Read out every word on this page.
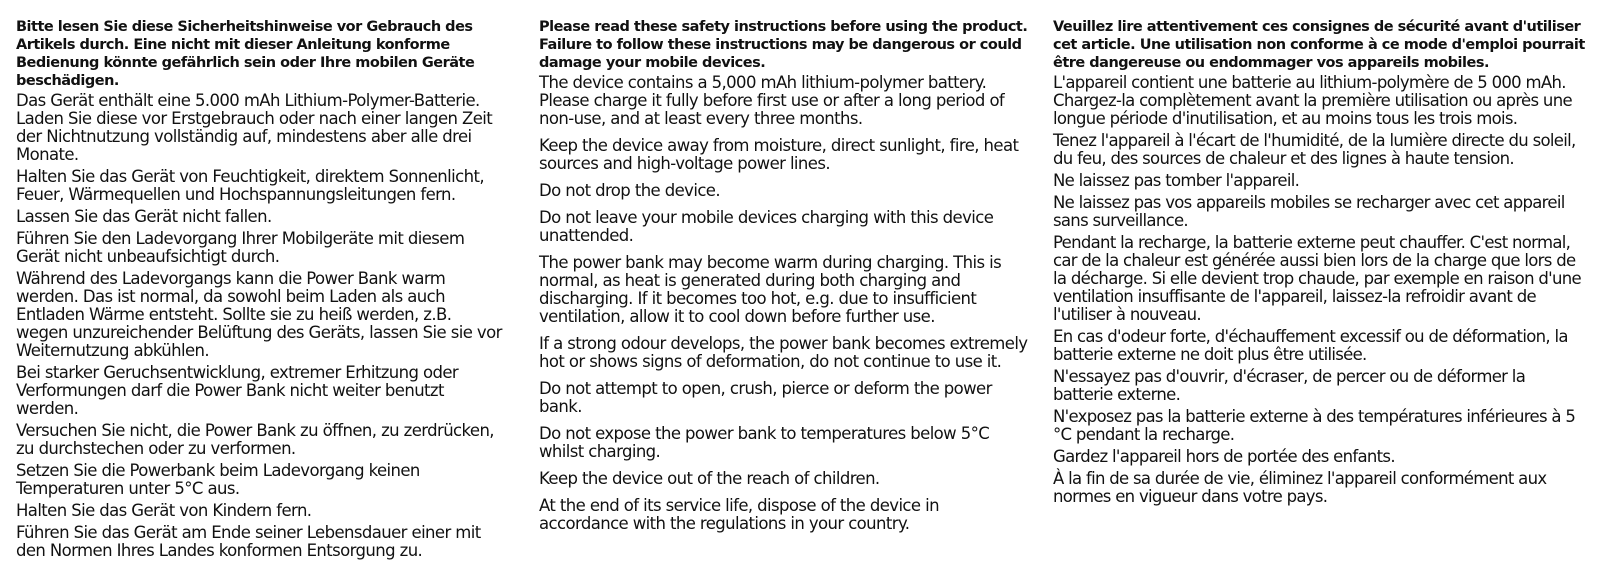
Bitte lesen Sie diese Sicherheitshinweise vor Gebrauch des Artikels durch. Eine nicht mit dieser Anleitung konforme Bedienung könnte gefährlich sein oder Ihre mobilen Geräte beschädigen.

Das Gerät enthält eine 5.000 mAh Lithium-Polymer-Batterie. Laden Sie diese vor Erstgebrauch oder nach einer langen Zeit der Nichtnutzung vollständig auf, mindestens aber alle drei Monate.

Halten Sie das Gerät von Feuchtigkeit, direktem Sonnenlicht, Feuer, Wärmequellen und Hochspannungsleitungen fern.

Lassen Sie das Gerät nicht fallen.

Führen Sie den Ladevorgang Ihrer Mobilgeräte mit diesem Gerät nicht unbeaufsichtigt durch.

Während des Ladevorgangs kann die Power Bank warm werden. Das ist normal, da sowohl beim Laden als auch Entladen Wärme entsteht. Sollte sie zu heiß werden, z.B. wegen unzureichender Belüftung des Geräts, lassen Sie sie vor Weiternutzung abkühlen.

Bei starker Geruchsentwicklung, extremer Erhitzung oder Verformungen darf die Power Bank nicht weiter benutzt werden.

Versuchen Sie nicht, die Power Bank zu öffnen, zu zerdrücken, zu durchstechen oder zu verformen.

Setzen Sie die Powerbank beim Ladevorgang keinen Temperaturen unter 5°C aus.

Halten Sie das Gerät von Kindern fern.

Führen Sie das Gerät am Ende seiner Lebensdauer einer mit den Normen Ihres Landes konformen Entsorgung zu.

Please read these safety instructions before using the product. Failure to follow these instructions may be dangerous or could damage your mobile devices.

The device contains a 5,000 mAh lithium-polymer battery. Please charge it fully before first use or after a long period of non-use, and at least every three months.

Keep the device away from moisture, direct sunlight, fire, heat sources and high-voltage power lines.

Do not drop the device.

Do not leave your mobile devices charging with this device unattended.

The power bank may become warm during charging. This is normal, as heat is generated during both charging and discharging. If it becomes too hot, e.g. due to insufficient ventilation, allow it to cool down before further use.

If a strong odour develops, the power bank becomes extremely hot or shows signs of deformation, do not continue to use it.

Do not attempt to open, crush, pierce or deform the power bank.

Do not expose the power bank to temperatures below 5°C whilst charging.

Keep the device out of the reach of children.

At the end of its service life, dispose of the device in accordance with the regulations in your country.

Veuillez lire attentivement ces consignes de sécurité avant d'utiliser cet article. Une utilisation non conforme à ce mode d'emploi pourrait être dangereuse ou endommager vos appareils mobiles.

L'appareil contient une batterie au lithium-polymère de 5 000 mAh. Chargez-la complètement avant la première utilisation ou après une longue période d'inutilisation, et au moins tous les trois mois.

Tenez l'appareil à l'écart de l'humidité, de la lumière directe du soleil, du feu, des sources de chaleur et des lignes à haute tension.

Ne laissez pas tomber l'appareil.

Ne laissez pas vos appareils mobiles se recharger avec cet appareil sans surveillance.

Pendant la recharge, la batterie externe peut chauffer. C'est normal, car de la chaleur est générée aussi bien lors de la charge que lors de la décharge. Si elle devient trop chaude, par exemple en raison d'une ventilation insuffisante de l'appareil, laissez-la refroidir avant de l'utiliser à nouveau.

En cas d'odeur forte, d'échauffement excessif ou de déformation, la batterie externe ne doit plus être utilisée.

N'essayez pas d'ouvrir, d'écraser, de percer ou de déformer la batterie externe.

N'exposez pas la batterie externe à des températures inférieures à 5 °C pendant la recharge.

Gardez l'appareil hors de portée des enfants.

À la fin de sa durée de vie, éliminez l'appareil conformément aux normes en vigueur dans votre pays.
